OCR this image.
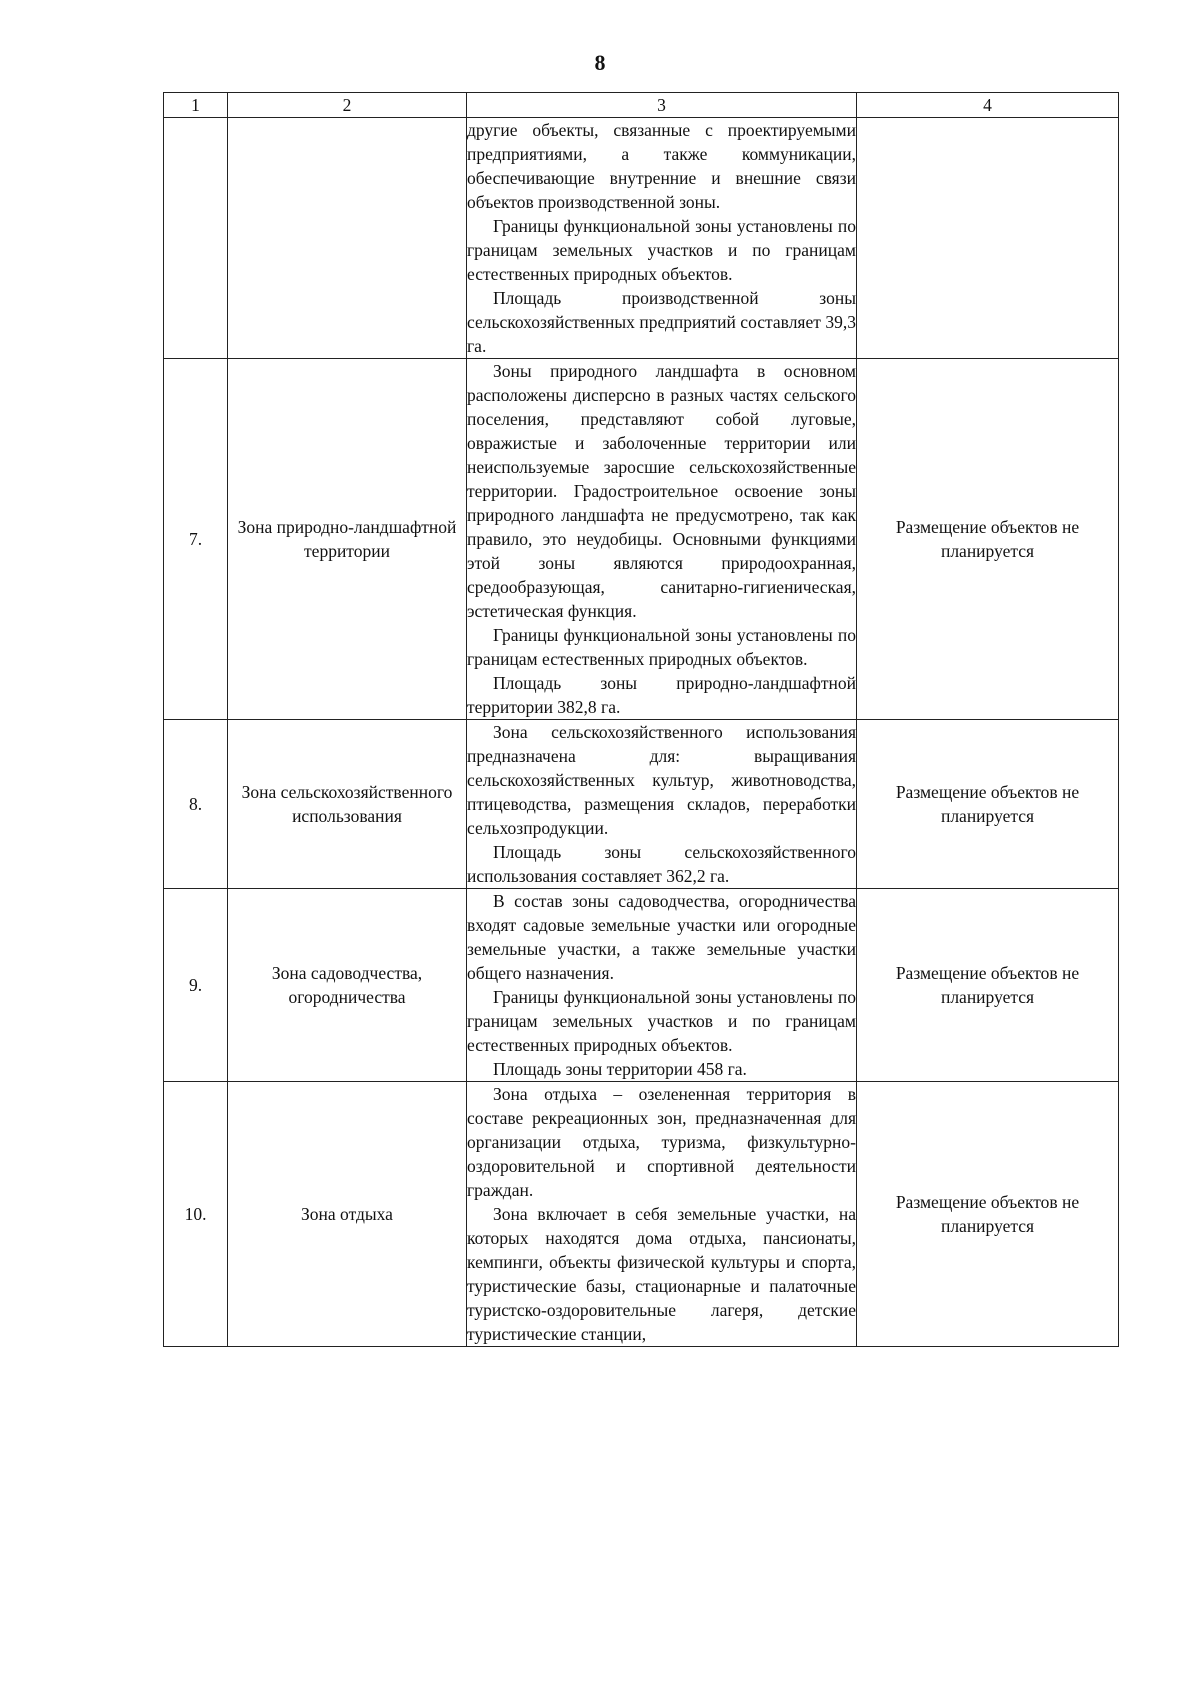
8
1	2	3	4

		другие объекты, связанные с проектируемыми предприятиями, а также коммуникации, обеспечивающие внутренние и внешние связи объектов производственной зоны.

Границы функциональной зоны установлены по границам земельных участков и по границам естественных природных объектов.

Площадь производственной зоны сельскохозяйственных предприятий составляет 39,3 га.	

7.	Зона природно-ландшафтной территории	Зоны природного ландшафта в основном расположены дисперсно в разных частях сельского поселения, представляют собой луговые, овражистые и заболоченные территории или неиспользуемые заросшие сельскохозяйственные территории. Градостроительное освоение зоны природного ландшафта не предусмотрено, так как правило, это неудобицы. Основными функциями этой зоны являются природоохранная, средообразующая, санитарно-гигиеническая, эстетическая функция.

Границы функциональной зоны установлены по границам естественных природных объектов.

Площадь зоны природно-ландшафтной территории 382,8 га.	Размещение объектов не планируется
8.	Зона сельскохозяйственного использования	Зона сельскохозяйственного использования предназначена для: выращивания сельскохозяйственных культур, животноводства, птицеводства, размещения складов, переработки сельхозпродукции.

Площадь зоны сельскохозяйственного использования составляет 362,2 га.	Размещение объектов не планируется
9.	Зона садоводчества, огородничества	В состав зоны садоводчества, огородничества входят садовые земельные участки или огородные земельные участки, а также земельные участки общего назначения.

Границы функциональной зоны установлены по границам земельных участков и по границам естественных природных объектов.

Площадь зоны территории 458 га.	Размещение объектов не планируется
10.	Зона отдыха	Зона отдыха – озелененная территория в составе рекреационных зон, предназначенная для организации отдыха, туризма, физкультурно-оздоровительной и спортивной деятельности граждан.

Зона включает в себя земельные участки, на которых находятся дома отдыха, пансионаты, кемпинги, объекты физической культуры и спорта, туристические базы, стационарные и палаточные туристско-оздоровительные лагеря, детские туристические станции,	Размещение объектов не планируется
